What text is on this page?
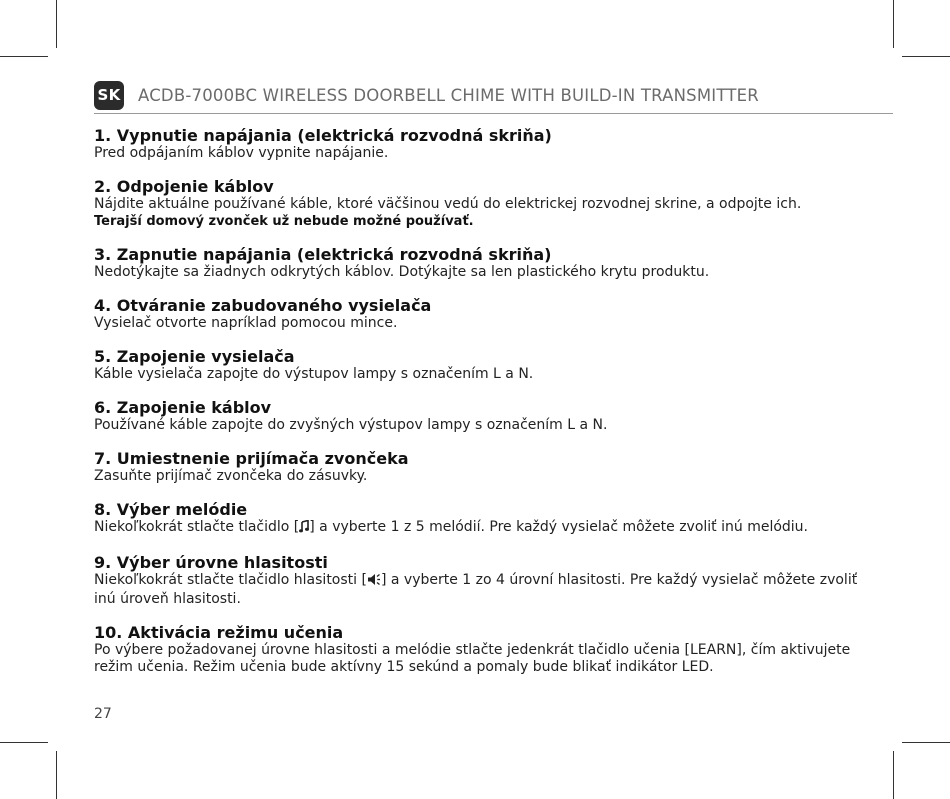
SK ACDB-7000BC WIRELESS DOORBELL CHIME WITH BUILD-IN TRANSMITTER
1. Vypnutie napájania (elektrická rozvodná skriňa)
Pred odpájaním káblov vypnite napájanie.
2. Odpojenie káblov
Nájdite aktuálne používané káble, ktoré väčšinou vedú do elektrickej rozvodnej skrine, a odpojte ich.
Terajší domový zvonček už nebude možné používať.
3. Zapnutie napájania (elektrická rozvodná skriňa)
Nedotýkajte sa žiadnych odkrytých káblov. Dotýkajte sa len plastického krytu produktu.
4. Otváranie zabudovaného vysielača
Vysielač otvorte napríklad pomocou mince.
5. Zapojenie vysielača
Káble vysielača zapojte do výstupov lampy s označením L a N.
6. Zapojenie káblov
Používané káble zapojte do zvyšných výstupov lampy s označením L a N.
7. Umiestnenie prijímača zvončeka
Zasuňte prijímač zvončeka do zásuvky.
8. Výber melódie
Niekoľkokrát stlačte tlačidlo [ ] a vyberte 1 z 5 melódií. Pre každý vysielač môžete zvoliť inú melódiu.
9. Výber úrovne hlasitosti
Niekoľkokrát stlačte tlačidlo hlasitosti [ ] a vyberte 1 zo 4 úrovní hlasitosti. Pre každý vysielač môžete zvoliť inú úroveň hlasitosti.
10. Aktivácia režimu učenia
Po výbere požadovanej úrovne hlasitosti a melódie stlačte jedenkrát tlačidlo učenia [LEARN], čím aktivujete režim učenia. Režim učenia bude aktívny 15 sekúnd a pomaly bude blikať indikátor LED.
27
